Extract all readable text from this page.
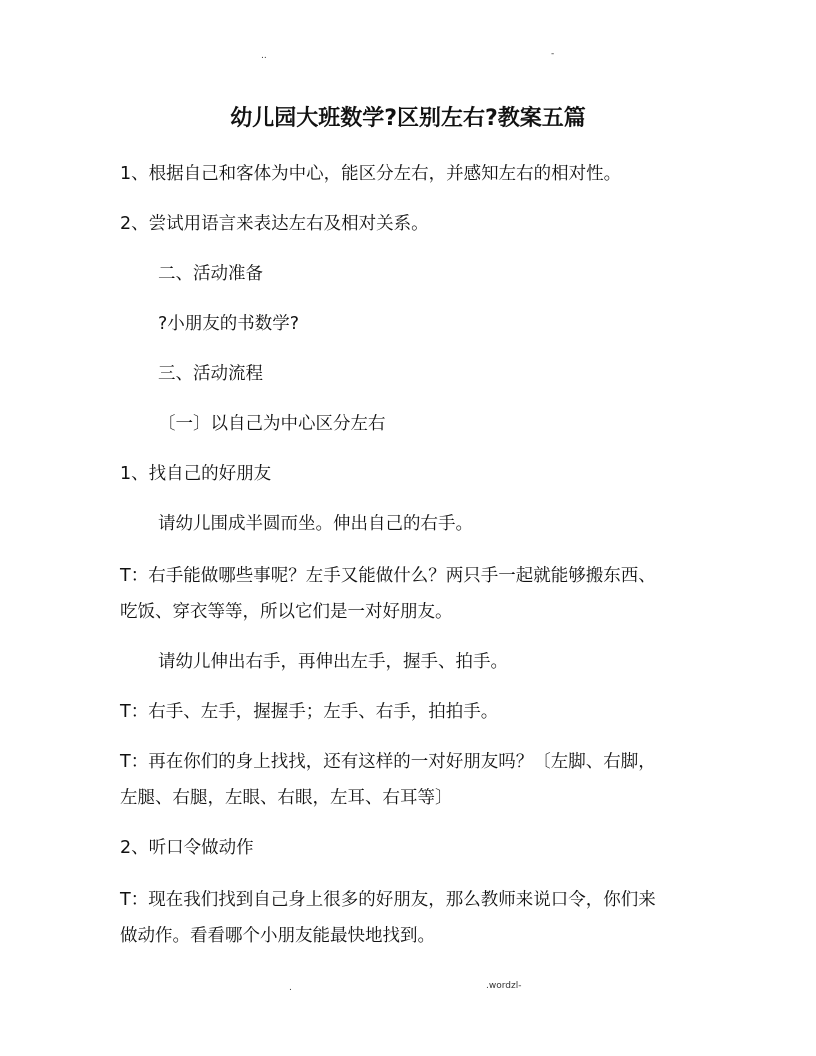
..	-
幼儿园大班数学?区别左右?教案五篇
1、根据自己和客体为中心，能区分左右，并感知左右的相对性。
2、尝试用语言来表达左右及相对关系。
二、活动准备
?小朋友的书数学?
三、活动流程
〔一〕以自己为中心区分左右
1、找自己的好朋友
请幼儿围成半圆而坐。伸出自己的右手。
T：右手能做哪些事呢？左手又能做什么？两只手一起就能够搬东西、
吃饭、穿衣等等，所以它们是一对好朋友。
请幼儿伸出右手，再伸出左手，握手、拍手。
T：右手、左手，握握手；左手、右手，拍拍手。
T：再在你们的身上找找，还有这样的一对好朋友吗？〔左脚、右脚，
左腿、右腿，左眼、右眼，左耳、右耳等〕
2、听口令做动作
T：现在我们找到自己身上很多的好朋友，那么教师来说口令，你们来
做动作。看看哪个小朋友能最快地找到。
.	.wordzl-
